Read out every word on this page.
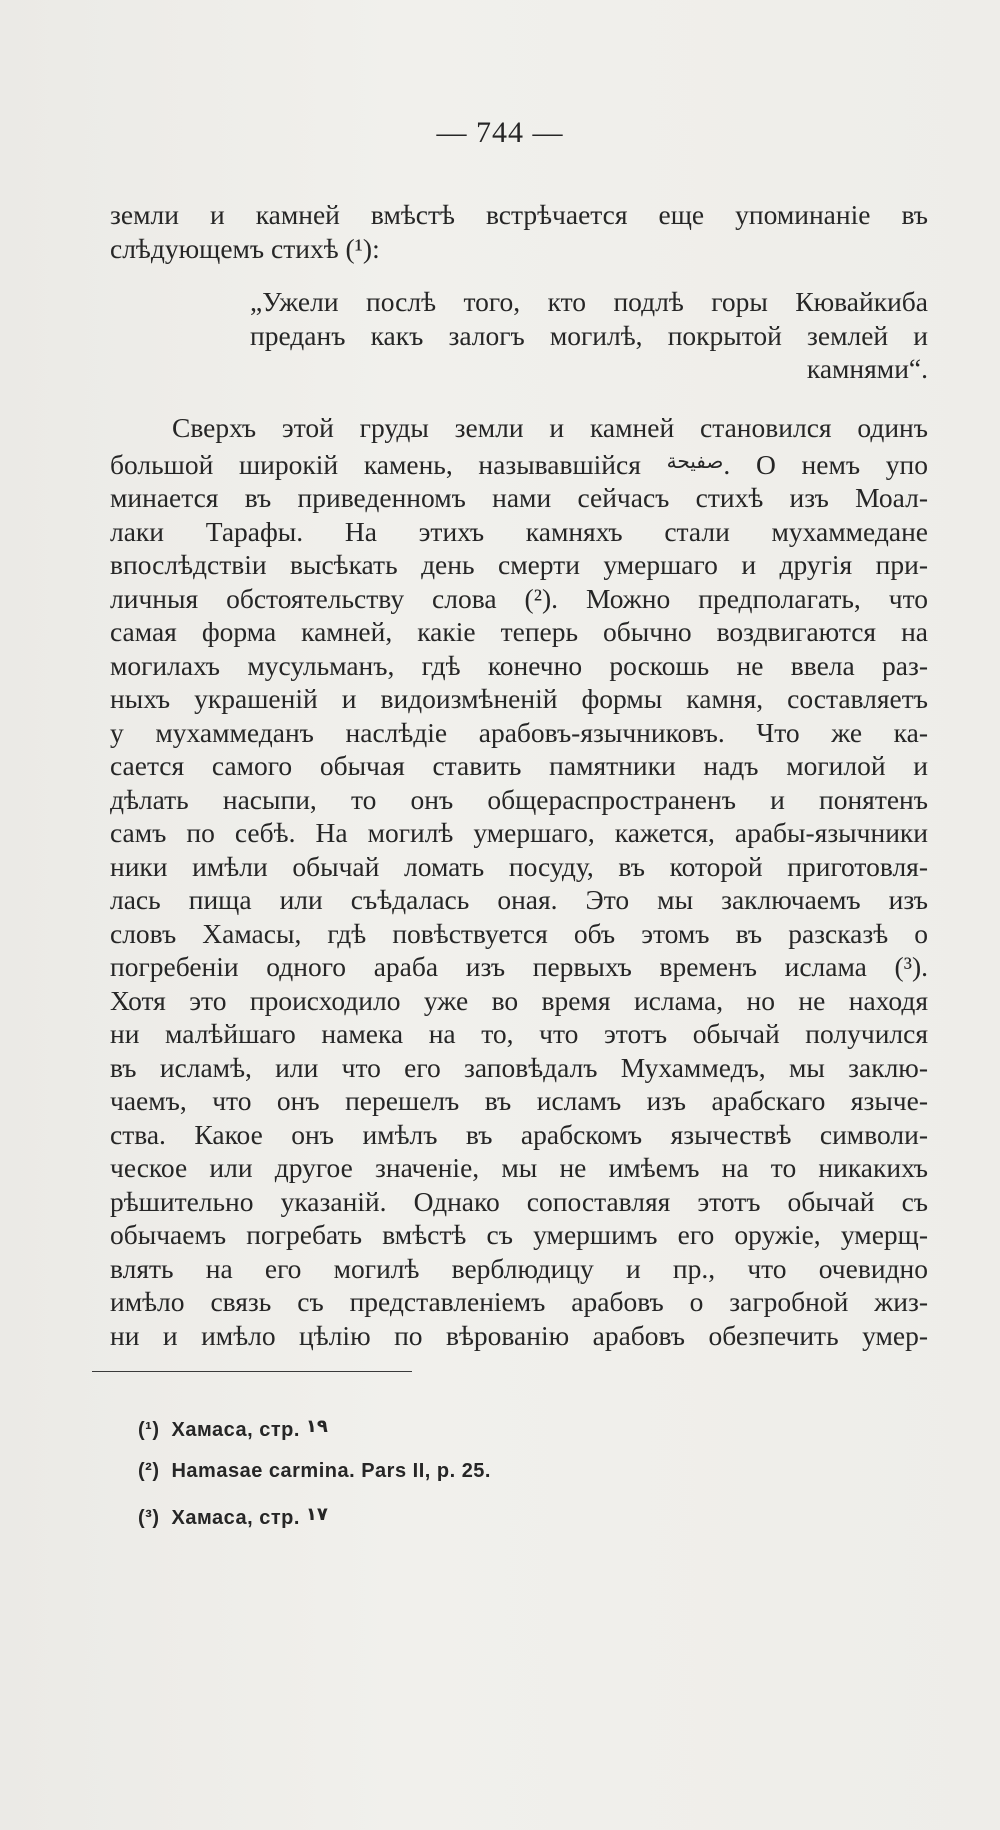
— 744 —
земли и камней вмѣстѣ встрѣчается еще упоминаніе въ
слѣдующемъ стихѣ (¹):
„Ужели послѣ того, кто подлѣ горы Кювайкиба
преданъ какъ залогъ могилѣ, покрытой землей и
камнями“.
Сверхъ этой груды земли и камней становился одинъ
большой широкій камень, называвшійся $^{صفيحة}$. О немъ упо
минается въ приведенномъ нами сейчасъ стихѣ изъ Моал-
лаки Тарафы. На этихъ камняхъ стали мухаммедане
впослѣдствіи высѣкать день смерти умершаго и другія при-
личныя обстоятельству слова (²). Можно предполагать, что
самая форма камней, какіе теперь обычно воздвигаются на
могилахъ мусульманъ, гдѣ конечно роскошь не ввела раз-
ныхъ украшеній и видоизмѣненій формы камня, составляетъ
у мухаммеданъ наслѣдіе арабовъ-язычниковъ. Что же ка-
сается самого обычая ставить памятники надъ могилой и
дѣлать насыпи, то онъ общераспространенъ и понятенъ
самъ по себѣ. На могилѣ умершаго, кажется, арабы-язычники
ники имѣли обычай ломать посуду, въ которой приготовля-
лась пища или съѣдалась оная. Это мы заключаемъ изъ
словъ Хамасы, гдѣ повѣствуется объ этомъ въ разсказѣ о
погребеніи одного араба изъ первыхъ временъ ислама (³).
Хотя это происходило уже во время ислама, но не находя
ни малѣйшаго намека на то, что этотъ обычай получился
въ исламѣ, или что его заповѣдалъ Мухаммедъ, мы заклю-
чаемъ, что онъ перешелъ въ исламъ изъ арабскаго языче-
ства. Какое онъ имѣлъ въ арабскомъ язычествѣ символи-
ческое или другое значеніе, мы не имѣемъ на то никакихъ
рѣшительно указаній. Однако сопоставляя этотъ обычай съ
обычаемъ погребать вмѣстѣ съ умершимъ его оружіе, умерщ-
влять на его могилѣ верблюдицу и пр., что очевидно
имѣло связь съ представленіемъ арабовъ о загробной жиз-
ни и имѣло цѣлію по вѣрованію арабовъ обезпечить умер-
(¹) Хамаса, стр. ١٩
(²) Hamasae carmina. Pars II, p. 25.
(³) Хамаса, стр. ١٧
